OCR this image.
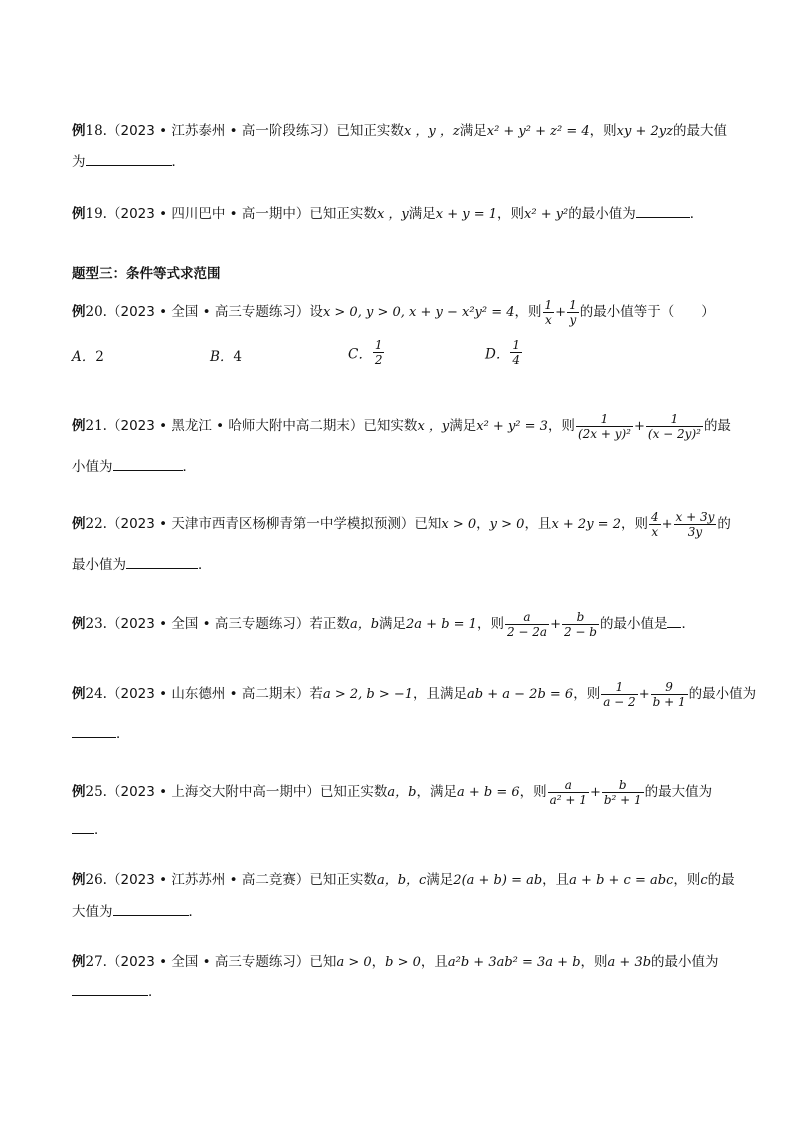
例18.（2023 • 江苏泰州 • 高一阶段练习）已知正实数x ，y ，z满足x² + y² + z² = 4，则xy + 2yz的最大值
为	．
例19.（2023 • 四川巴中 • 高一期中）已知正实数x ，y满足x + y = 1，则x² + y²的最小值为	．
题型三：条件等式求范围
例20.（2023 • 全国 • 高三专题练习）设x > 0, y > 0, x + y − x²y² = 4，则 $\frac{1}{x} + \frac{1}{y}$ 的最小值等于（　　）
A．2	B．4	C． $\frac{1}{2}$	D． $\frac{1}{4}$
例21.（2023 • 黑龙江 • 哈师大附中高二期末）已知实数x ，y满足x² + y² = 3，则 $\frac{1}{\text{(2x + y)²}} + \frac{1}{\text{(x − 2y)²}}$ 的最
小值为	．
例22.（2023 • 天津市西青区杨柳青第一中学模拟预测）已知x > 0，y > 0，且x + 2y = 2，则 $\frac{4}{x} + \frac{x + 3y}{3y}$ 的
最小值为	．
例23.（2023 • 全国 • 高三专题练习）若正数a，b满足2a + b = 1，则 $\frac{a}{2 - 2a} + \frac{b}{2 - b}$ 的最小值是 ．
例24.（2023 • 山东德州 • 高二期末）若a > 2, b > −1，且满足ab + a − 2b = 6，则 $\frac{1}{a - 2} + \frac{9}{b + 1}$ 的最小值为
．
例25.（2023 • 上海交大附中高一期中）已知正实数a，b，满足a + b = 6，则 $\frac{a}{\text{a² + 1}} + \frac{b}{\text{b² + 1}}$ 的最大值为
．
例26.（2023 • 江苏苏州 • 高二竞赛）已知正实数a，b，c满足2(a + b) = ab，且a + b + c = abc，则c的最
大值为	．
例27.（2023 • 全国 • 高三专题练习）已知a > 0，b > 0，且a²b + 3ab² = 3a + b，则a + 3b的最小值为
．
